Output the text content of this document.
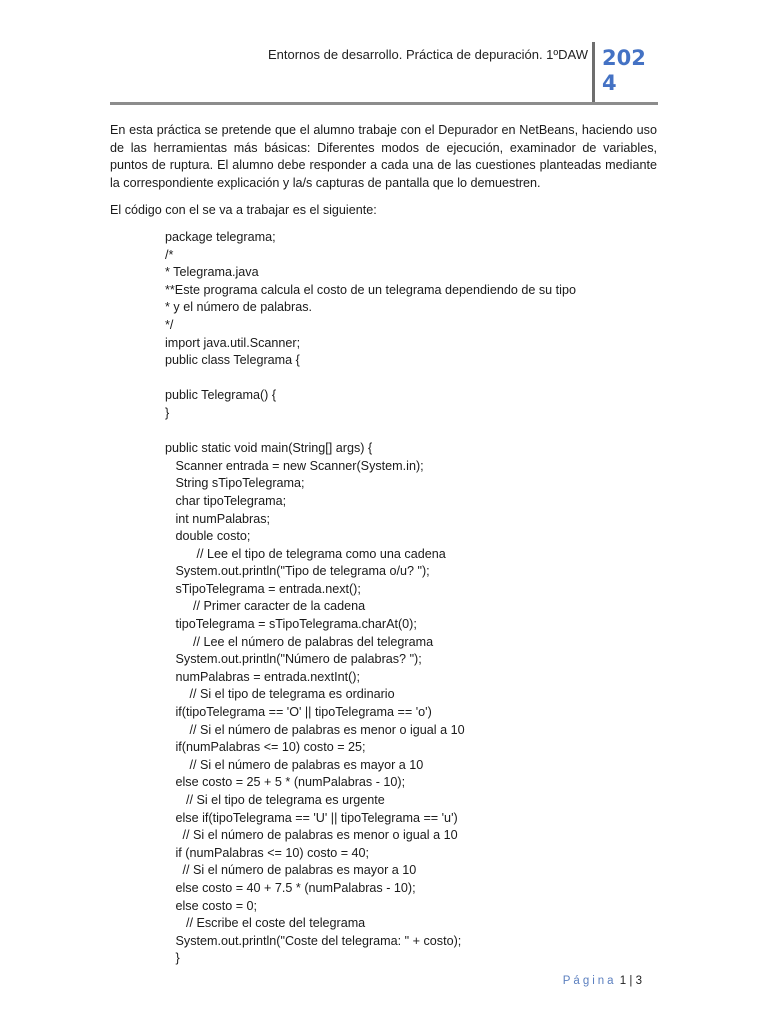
Entornos de desarrollo. Práctica de depuración. 1ºDAW 2024

En esta práctica se pretende que el alumno trabaje con el Depurador en NetBeans, haciendo uso de las herramientas más básicas: Diferentes modos de ejecución, examinador de variables, puntos de ruptura. El alumno debe responder a cada una de las cuestiones planteadas mediante la correspondiente explicación y la/s capturas de pantalla que lo demuestren.

El código con el se va a trabajar es el siguiente:

package telegrama;
/*
* Telegrama.java
**Este programa calcula el costo de un telegrama dependiendo de su tipo
* y el número de palabras.
*/
import java.util.Scanner;
public class Telegrama {
public Telegrama() {
}
public static void main(String[] args) {
Scanner entrada = new Scanner(System.in);
String sTipoTelegrama;
char tipoTelegrama;
int numPalabras;
double costo;
// Lee el tipo de telegrama como una cadena
System.out.println("Tipo de telegrama o/u? ");
sTipoTelegrama = entrada.next();
// Primer caracter de la cadena
tipoTelegrama = sTipoTelegrama.charAt(0);
// Lee el número de palabras del telegrama
System.out.println("Número de palabras? ");
numPalabras = entrada.nextInt();
// Si el tipo de telegrama es ordinario
if(tipoTelegrama == 'O' || tipoTelegrama == 'o')
// Si el número de palabras es menor o igual a 10
if(numPalabras <= 10) costo = 25;
// Si el número de palabras es mayor a 10
else costo = 25 + 5 * (numPalabras - 10);
// Si el tipo de telegrama es urgente
else if(tipoTelegrama == 'U' || tipoTelegrama == 'u')
// Si el número de palabras es menor o igual a 10
if (numPalabras <= 10) costo = 40;
// Si el número de palabras es mayor a 10
else costo = 40 + 7.5 * (numPalabras - 10);
else costo = 0;
// Escribe el coste del telegrama
System.out.println("Coste del telegrama: " + costo);
}
Página 1 | 3
